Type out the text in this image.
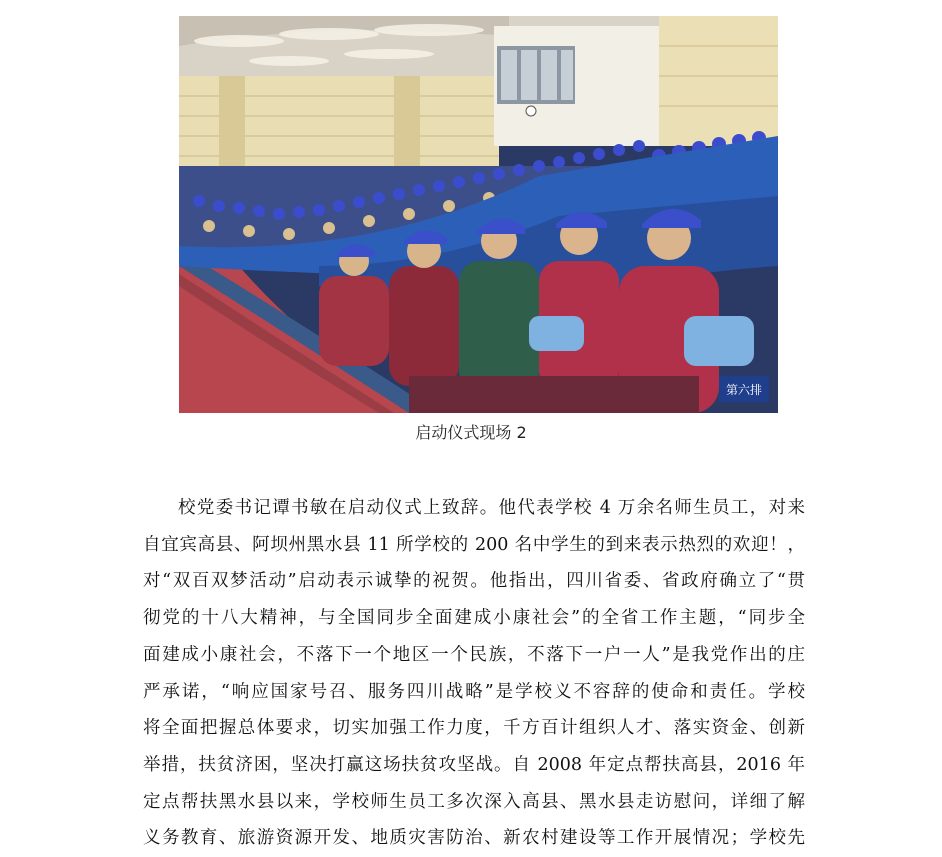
第六排
启动仪式现场 2
校党委书记谭书敏在启动仪式上致辞。他代表学校 4 万余名师生员工，对来
自宜宾高县、阿坝州黑水县 11 所学校的 200 名中学生的到来表示热烈的欢迎！，
对“双百双梦活动”启动表示诚挚的祝贺。他指出，四川省委、省政府确立了“贯
彻党的十八大精神，与全国同步全面建成小康社会”的全省工作主题，“同步全
面建成小康社会，不落下一个地区一个民族，不落下一户一人”是我党作出的庄
严承诺，“响应国家号召、服务四川战略”是学校义不容辞的使命和责任。学校
将全面把握总体要求，切实加强工作力度，千方百计组织人才、落实资金、创新
举措，扶贫济困，坚决打赢这场扶贫攻坚战。自 2008 年定点帮扶高县，2016 年
定点帮扶黑水县以来，学校师生员工多次深入高县、黑水县走访慰问，详细了解
义务教育、旅游资源开发、地质灾害防治、新农村建设等工作开展情况；学校先
